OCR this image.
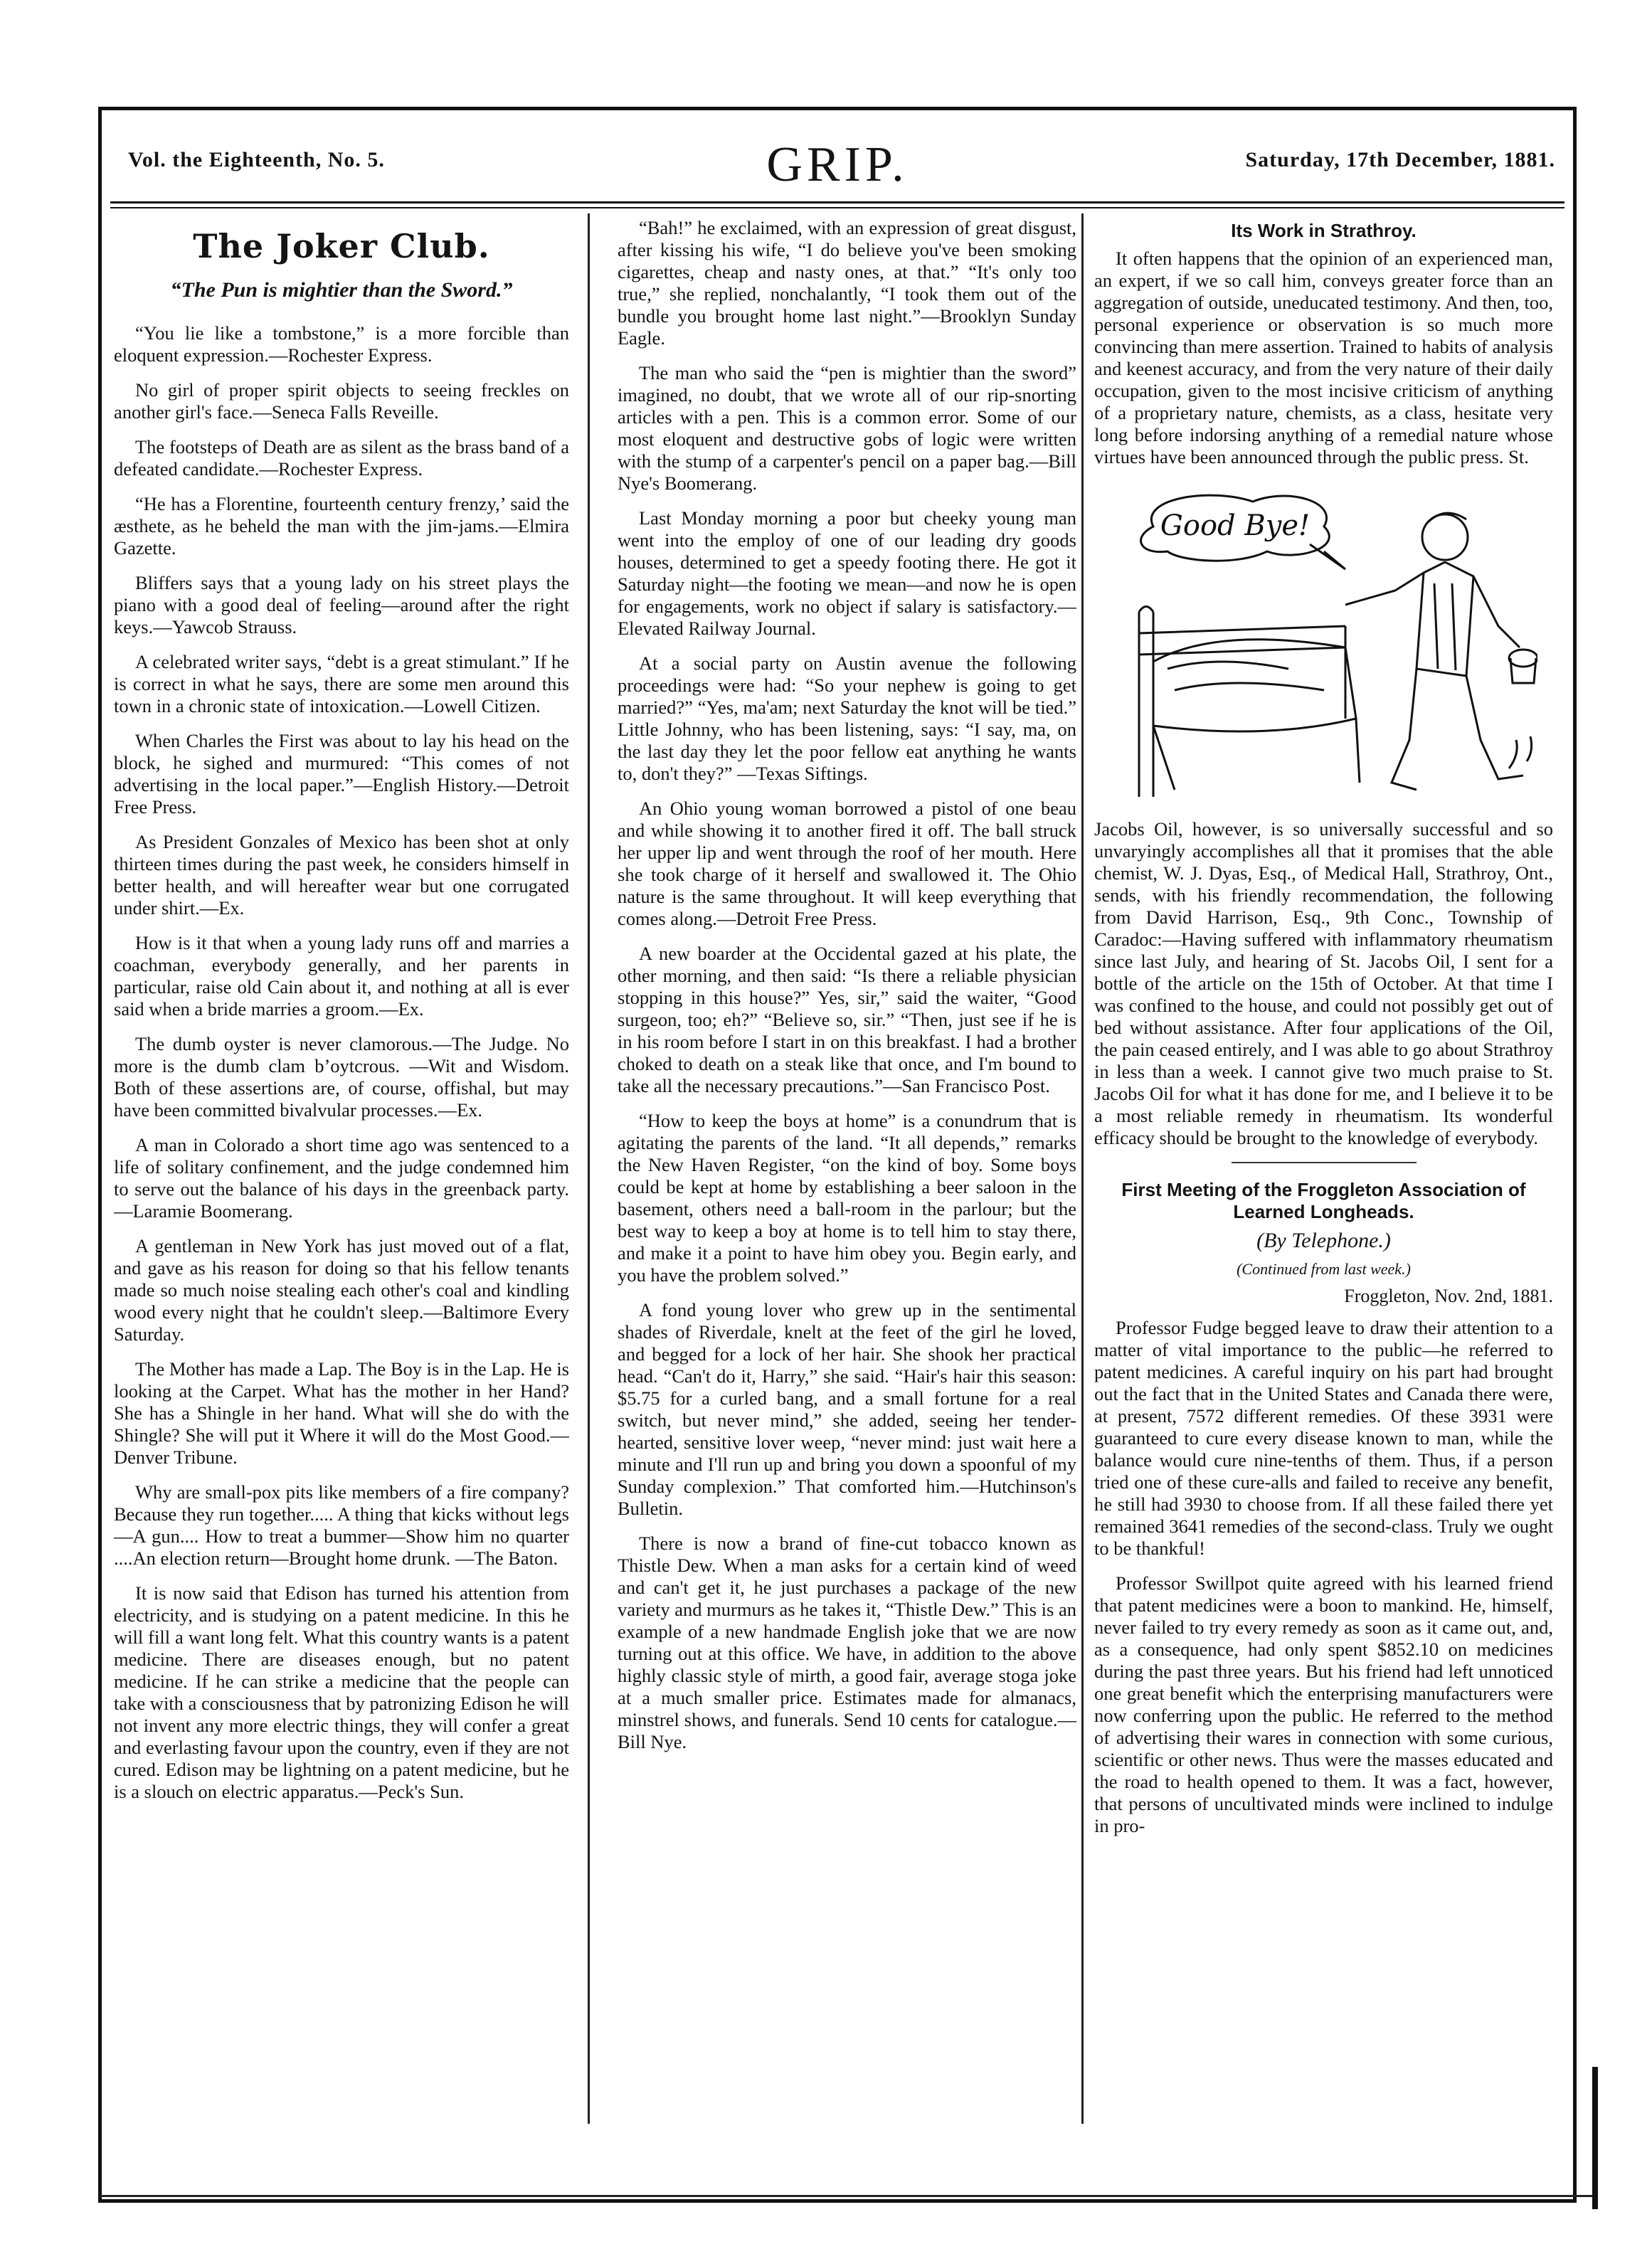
Vol. the Eighteenth, No. 5.	GRIP.	Saturday, 17th December, 1881.
The Joker Club.
“The Pun is mightier than the Sword.”

“You lie like a tombstone,” is a more forcible than eloquent expression.—Rochester Express.

No girl of proper spirit objects to seeing freckles on another girl's face.—Seneca Falls Reveille.

The footsteps of Death are as silent as the brass band of a defeated candidate.—Rochester Express.

“He has a Florentine, fourteenth century frenzy,’ said the æsthete, as he beheld the man with the jim-jams.—Elmira Gazette.

Bliffers says that a young lady on his street plays the piano with a good deal of feeling—around after the right keys.—Yawcob Strauss.

A celebrated writer says, “debt is a great stimulant.” If he is correct in what he says, there are some men around this town in a chronic state of intoxication.—Lowell Citizen.

When Charles the First was about to lay his head on the block, he sighed and murmured: “This comes of not advertising in the local paper.”—English History.—Detroit Free Press.

As President Gonzales of Mexico has been shot at only thirteen times during the past week, he considers himself in better health, and will hereafter wear but one corrugated under shirt.—Ex.

How is it that when a young lady runs off and marries a coachman, everybody generally, and her parents in particular, raise old Cain about it, and nothing at all is ever said when a bride marries a groom.—Ex.

The dumb oyster is never clamorous.—The Judge. No more is the dumb clam b’oytcrous. —Wit and Wisdom. Both of these assertions are, of course, offishal, but may have been committed bivalvular processes.—Ex.

A man in Colorado a short time ago was sentenced to a life of solitary confinement, and the judge condemned him to serve out the balance of his days in the greenback party.—Laramie Boomerang.

A gentleman in New York has just moved out of a flat, and gave as his reason for doing so that his fellow tenants made so much noise stealing each other's coal and kindling wood every night that he couldn't sleep.—Baltimore Every Saturday.

The Mother has made a Lap. The Boy is in the Lap. He is looking at the Carpet. What has the mother in her Hand? She has a Shingle in her hand. What will she do with the Shingle? She will put it Where it will do the Most Good.—Denver Tribune.

Why are small-pox pits like members of a fire company? Because they run together..... A thing that kicks without legs—A gun.... How to treat a bummer—Show him no quarter ....An election return—Brought home drunk. —The Baton.

It is now said that Edison has turned his attention from electricity, and is studying on a patent medicine. In this he will fill a want long felt. What this country wants is a patent medicine. There are diseases enough, but no patent medicine. If he can strike a medicine that the people can take with a consciousness that by patronizing Edison he will not invent any more electric things, they will confer a great and everlasting favour upon the country, even if they are not cured. Edison may be lightning on a patent medicine, but he is a slouch on electric apparatus.—Peck's Sun.

“Bah!” he exclaimed, with an expression of great disgust, after kissing his wife, “I do believe you've been smoking cigarettes, cheap and nasty ones, at that.” “It's only too true,” she replied, nonchalantly, “I took them out of the bundle you brought home last night.”—Brooklyn Sunday Eagle.

The man who said the “pen is mightier than the sword” imagined, no doubt, that we wrote all of our rip-snorting articles with a pen. This is a common error. Some of our most eloquent and destructive gobs of logic were written with the stump of a carpenter's pencil on a paper bag.—Bill Nye's Boomerang.

Last Monday morning a poor but cheeky young man went into the employ of one of our leading dry goods houses, determined to get a speedy footing there. He got it Saturday night—the footing we mean—and now he is open for engagements, work no object if salary is satisfactory.—Elevated Railway Journal.

At a social party on Austin avenue the following proceedings were had: “So your nephew is going to get married?” “Yes, ma'am; next Saturday the knot will be tied.” Little Johnny, who has been listening, says: “I say, ma, on the last day they let the poor fellow eat anything he wants to, don't they?” —Texas Siftings.

An Ohio young woman borrowed a pistol of one beau and while showing it to another fired it off. The ball struck her upper lip and went through the roof of her mouth. Here she took charge of it herself and swallowed it. The Ohio nature is the same throughout. It will keep everything that comes along.—Detroit Free Press.

A new boarder at the Occidental gazed at his plate, the other morning, and then said: “Is there a reliable physician stopping in this house?” Yes, sir,” said the waiter, “Good surgeon, too; eh?” “Believe so, sir.” “Then, just see if he is in his room before I start in on this breakfast. I had a brother choked to death on a steak like that once, and I'm bound to take all the necessary precautions.”—San Francisco Post.

“How to keep the boys at home” is a conundrum that is agitating the parents of the land. “It all depends,” remarks the New Haven Register, “on the kind of boy. Some boys could be kept at home by establishing a beer saloon in the basement, others need a ball-room in the parlour; but the best way to keep a boy at home is to tell him to stay there, and make it a point to have him obey you. Begin early, and you have the problem solved.”

A fond young lover who grew up in the sentimental shades of Riverdale, knelt at the feet of the girl he loved, and begged for a lock of her hair. She shook her practical head. “Can't do it, Harry,” she said. “Hair's hair this season: $5.75 for a curled bang, and a small fortune for a real switch, but never mind,” she added, seeing her tender-hearted, sensitive lover weep, “never mind: just wait here a minute and I'll run up and bring you down a spoonful of my Sunday complexion.” That comforted him.—Hutchinson's Bulletin.

There is now a brand of fine-cut tobacco known as Thistle Dew. When a man asks for a certain kind of weed and can't get it, he just purchases a package of the new variety and murmurs as he takes it, “Thistle Dew.” This is an example of a new handmade English joke that we are now turning out at this office. We have, in addition to the above highly classic style of mirth, a good fair, average stoga joke at a much smaller price. Estimates made for almanacs, minstrel shows, and funerals. Send 10 cents for catalogue.—Bill Nye.

Its Work in Strathroy.

It often happens that the opinion of an experienced man, an expert, if we so call him, conveys greater force than an aggregation of outside, uneducated testimony. And then, too, personal experience or observation is so much more convincing than mere assertion. Trained to habits of analysis and keenest accuracy, and from the very nature of their daily occupation, given to the most incisive criticism of anything of a proprietary nature, chemists, as a class, hesitate very long before indorsing anything of a remedial nature whose virtues have been announced through the public press. St.

Good Bye!

Jacobs Oil, however, is so universally successful and so unvaryingly accomplishes all that it promises that the able chemist, W. J. Dyas, Esq., of Medical Hall, Strathroy, Ont., sends, with his friendly recommendation, the following from David Harrison, Esq., 9th Conc., Township of Caradoc:—Having suffered with inflammatory rheumatism since last July, and hearing of St. Jacobs Oil, I sent for a bottle of the article on the 15th of October. At that time I was confined to the house, and could not possibly get out of bed without assistance. After four applications of the Oil, the pain ceased entirely, and I was able to go about Strathroy in less than a week. I cannot give two much praise to St. Jacobs Oil for what it has done for me, and I believe it to be a most reliable remedy in rheumatism. Its wonderful efficacy should be brought to the knowledge of everybody.

First Meeting of the Froggleton Association of Learned Longheads.
(By Telephone.)
(Continued from last week.)
Froggleton, Nov. 2nd, 1881.

Professor Fudge begged leave to draw their attention to a matter of vital importance to the public—he referred to patent medicines. A careful inquiry on his part had brought out the fact that in the United States and Canada there were, at present, 7572 different remedies. Of these 3931 were guaranteed to cure every disease known to man, while the balance would cure nine-tenths of them. Thus, if a person tried one of these cure-alls and failed to receive any benefit, he still had 3930 to choose from. If all these failed there yet remained 3641 remedies of the second-class. Truly we ought to be thankful!

Professor Swillpot quite agreed with his learned friend that patent medicines were a boon to mankind. He, himself, never failed to try every remedy as soon as it came out, and, as a consequence, had only spent $852.10 on medicines during the past three years. But his friend had left unnoticed one great benefit which the enterprising manufacturers were now conferring upon the public. He referred to the method of advertising their wares in connection with some curious, scientific or other news. Thus were the masses educated and the road to health opened to them. It was a fact, however, that persons of uncultivated minds were inclined to indulge in pro-
